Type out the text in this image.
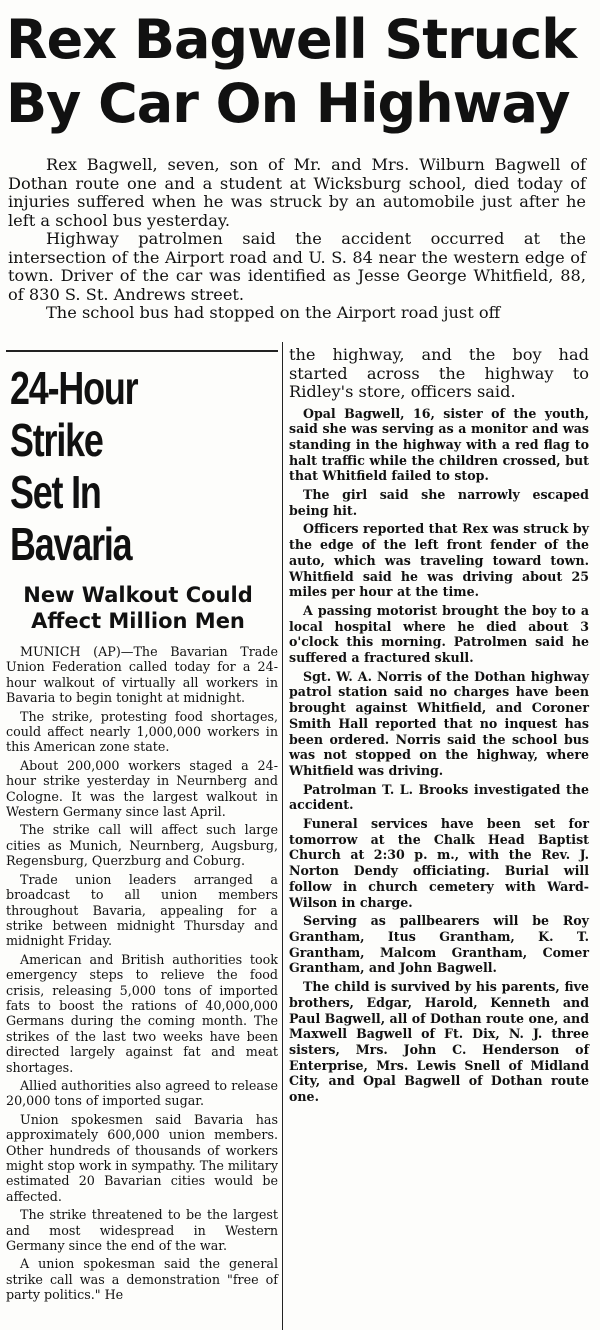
Rex Bagwell Struck
By Car On Highway

Rex Bagwell, seven, son of Mr. and Mrs. Wilburn Bagwell of Dothan route one and a student at Wicksburg school, died today of injuries suffered when he was struck by an automobile just after he left a school bus yesterday.

Highway patrolmen said the accident occurred at the intersection of the Airport road and U. S. 84 near the western edge of town. Driver of the car was identified as Jesse George Whitfield, 88, of 830 S. St. Andrews street.

The school bus had stopped on the Airport road just off

24-Hour Strike
Set In Bavaria
New Walkout Could Affect Million Men

MUNICH (AP)—The Bavarian Trade Union Federation called today for a 24-hour walkout of virtually all workers in Bavaria to begin tonight at midnight.

The strike, protesting food shortages, could affect nearly 1,000,000 workers in this American zone state.

About 200,000 workers staged a 24-hour strike yesterday in Neurnberg and Cologne. It was the largest walkout in Western Germany since last April.

The strike call will affect such large cities as Munich, Neurnberg, Augsburg, Regensburg, Querzburg and Coburg.

Trade union leaders arranged a broadcast to all union members throughout Bavaria, appealing for a strike between midnight Thursday and midnight Friday.

American and British authorities took emergency steps to relieve the food crisis, releasing 5,000 tons of imported fats to boost the rations of 40,000,000 Germans during the coming month. The strikes of the last two weeks have been directed largely against fat and meat shortages.

Allied authorities also agreed to release 20,000 tons of imported sugar.

Union spokesmen said Bavaria has approximately 600,000 union members. Other hundreds of thousands of workers might stop work in sympathy. The military estimated 20 Bavarian cities would be affected.

The strike threatened to be the largest and most widespread in Western Germany since the end of the war.

A union spokesman said the general strike call was a demonstration "free of party politics." He

the highway, and the boy had started across the highway to Ridley's store, officers said.

Opal Bagwell, 16, sister of the youth, said she was serving as a monitor and was standing in the highway with a red flag to halt traffic while the children crossed, but that Whitfield failed to stop.

The girl said she narrowly escaped being hit.

Officers reported that Rex was struck by the edge of the left front fender of the auto, which was traveling toward town. Whitfield said he was driving about 25 miles per hour at the time.

A passing motorist brought the boy to a local hospital where he died about 3 o'clock this morning. Patrolmen said he suffered a fractured skull.

Sgt. W. A. Norris of the Dothan highway patrol station said no charges have been brought against Whitfield, and Coroner Smith Hall reported that no inquest has been ordered. Norris said the school bus was not stopped on the highway, where Whitfield was driving.

Patrolman T. L. Brooks investigated the accident.

Funeral services have been set for tomorrow at the Chalk Head Baptist Church at 2:30 p. m., with the Rev. J. Norton Dendy officiating. Burial will follow in church cemetery with Ward-Wilson in charge.

Serving as pallbearers will be Roy Grantham, Itus Grantham, K. T. Grantham, Malcom Grantham, Comer Grantham, and John Bagwell.

The child is survived by his parents, five brothers, Edgar, Harold, Kenneth and Paul Bagwell, all of Dothan route one, and Maxwell Bagwell of Ft. Dix, N. J. three sisters, Mrs. John C. Henderson of Enterprise, Mrs. Lewis Snell of Midland City, and Opal Bagwell of Dothan route one.
